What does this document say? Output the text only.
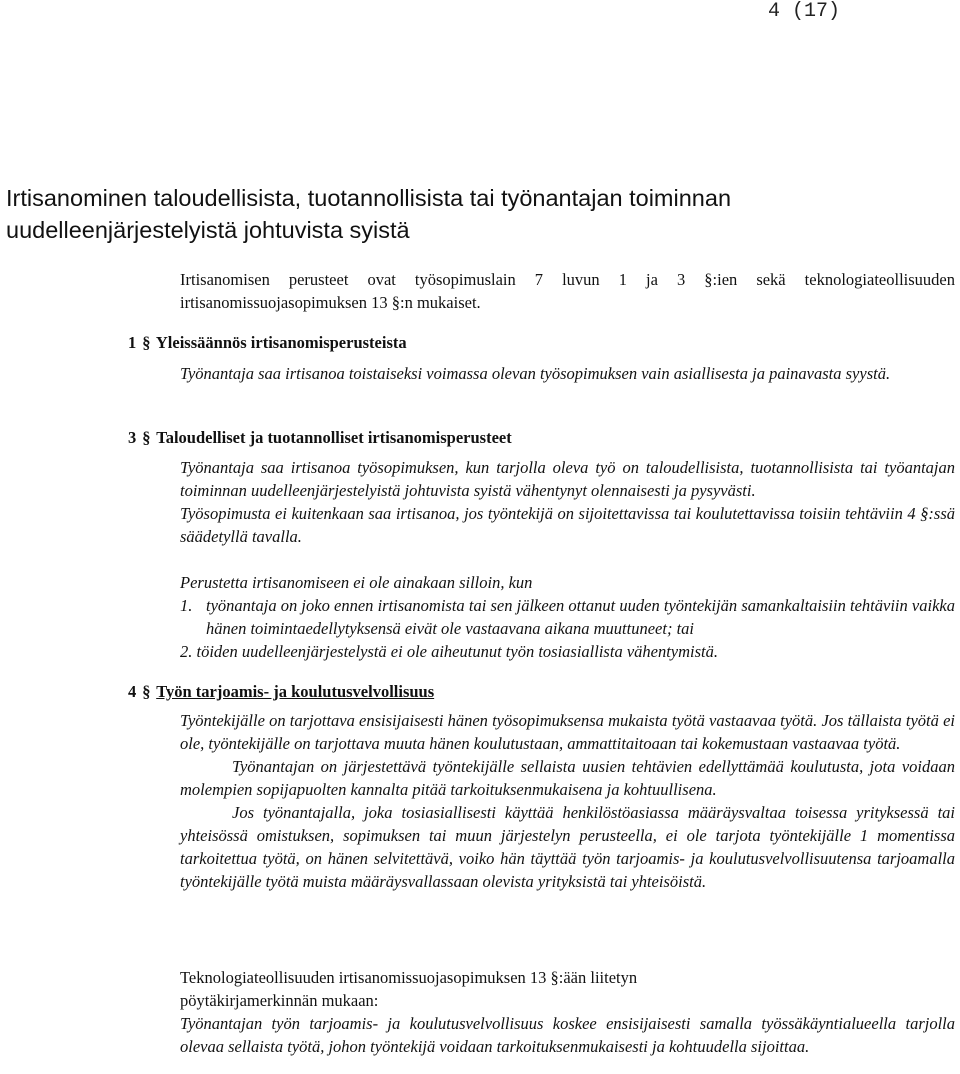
4 (17)
Irtisanominen taloudellisista, tuotannollisista tai työnantajan toiminnan
uudelleenjärjestelyistä johtuvista syistä
Irtisanomisen perusteet ovat työsopimuslain 7 luvun 1 ja 3 §:ien sekä teknologiateollisuuden irtisanomissuojasopimuksen 13 §:n mukaiset.
1 § Yleissäännös irtisanomisperusteista
Työnantaja saa irtisanoa toistaiseksi voimassa olevan työsopimuksen vain asiallisesta ja painavasta syystä.
3 § Taloudelliset ja tuotannolliset irtisanomisperusteet

Työnantaja saa irtisanoa työsopimuksen, kun tarjolla oleva työ on taloudellisista, tuotannollisista tai työantajan toiminnan uudelleenjärjestelyistä johtuvista syistä vähentynyt olennaisesti ja pysyvästi.

Työsopimusta ei kuitenkaan saa irtisanoa, jos työntekijä on sijoitettavissa tai koulutettavissa toisiin tehtäviin 4 §:ssä säädetyllä tavalla.

Perustetta irtisanomiseen ei ole ainakaan silloin, kun

1. työnantaja on joko ennen irtisanomista tai sen jälkeen ottanut uuden työntekijän samankaltaisiin tehtäviin vaikka hänen toimintaedellytyksensä eivät ole vastaavana aikana muuttuneet; tai

2. töiden uudelleenjärjestelystä ei ole aiheutunut työn tosiasiallista vähentymistä.

4 § Työn tarjoamis- ja koulutusvelvollisuus

Työntekijälle on tarjottava ensisijaisesti hänen työsopimuksensa mukaista työtä vastaavaa työtä. Jos tällaista työtä ei ole, työntekijälle on tarjottava muuta hänen koulutustaan, ammattitaitoaan tai kokemustaan vastaavaa työtä.

Työnantajan on järjestettävä työntekijälle sellaista uusien tehtävien edellyttämää koulutusta, jota voidaan molempien sopijapuolten kannalta pitää tarkoituksenmukaisena ja kohtuullisena.

Jos työnantajalla, joka tosiasiallisesti käyttää henkilöstöasiassa määräysvaltaa toisessa yrityksessä tai yhteisössä omistuksen, sopimuksen tai muun järjestelyn perusteella, ei ole tarjota työntekijälle 1 momentissa tarkoitettua työtä, on hänen selvitettävä, voiko hän täyttää työn tarjoamis- ja koulutusvelvollisuutensa tarjoamalla työntekijälle työtä muista määräysvallassaan olevista yrityksistä tai yhteisöistä.

Teknologiateollisuuden irtisanomissuojasopimuksen 13 §:ään liitetyn

pöytäkirjamerkinnän mukaan:

Työnantajan työn tarjoamis- ja koulutusvelvollisuus koskee ensisijaisesti samalla työssäkäyntialueella tarjolla olevaa sellaista työtä, johon työntekijä voidaan tarkoituksenmukaisesti ja kohtuudella sijoittaa.
